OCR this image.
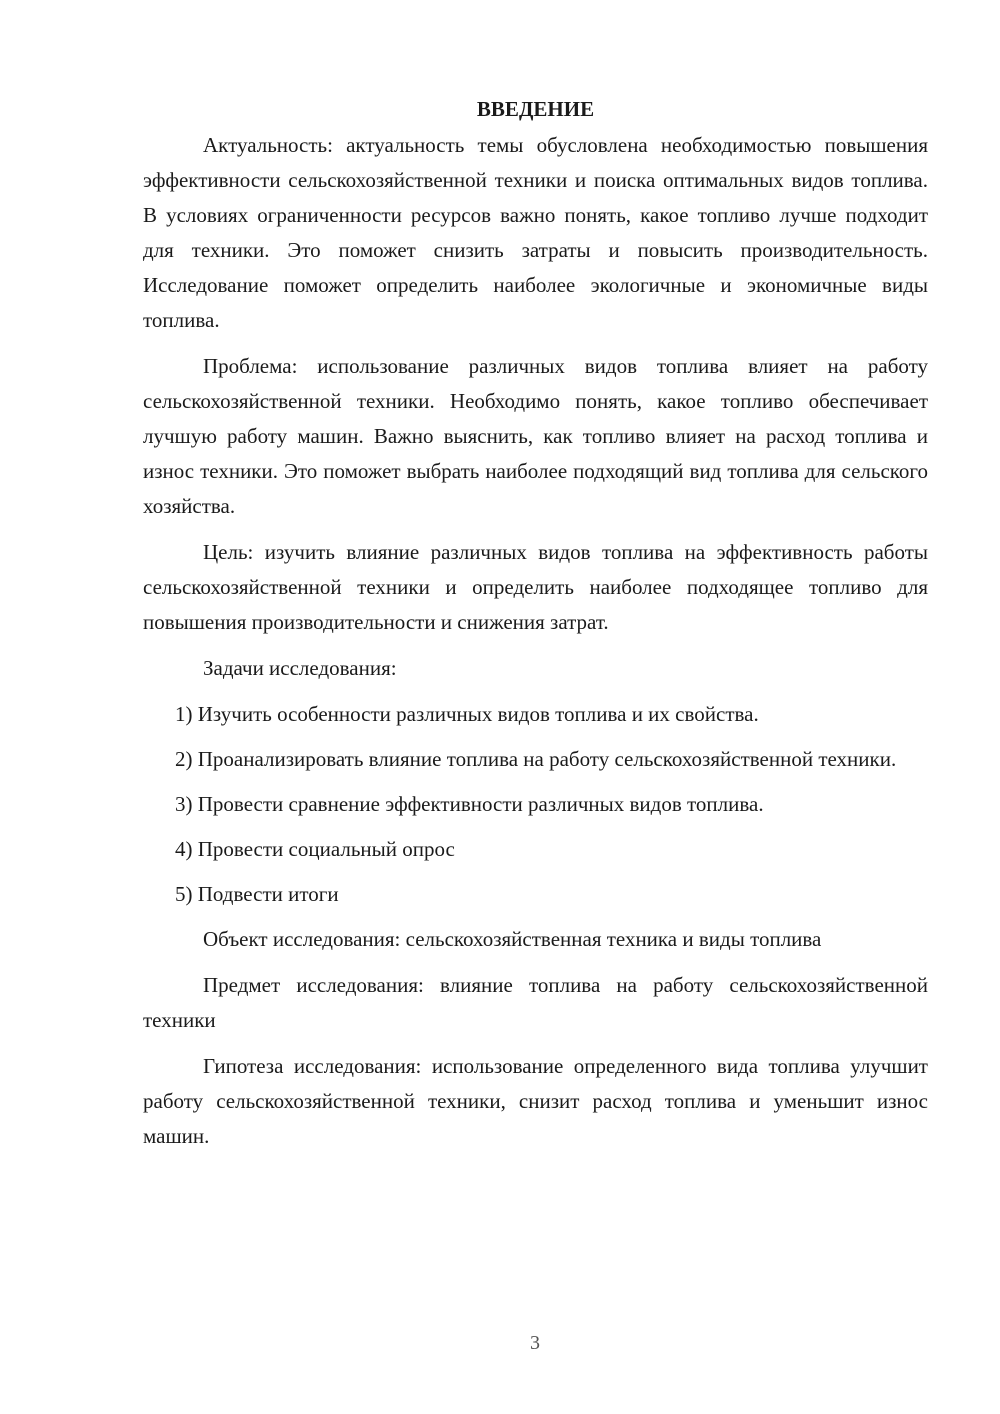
ВВЕДЕНИЕ

Актуальность: актуальность темы обусловлена необходимостью повышения эффективности сельскохозяйственной техники и поиска оптимальных видов топлива. В условиях ограниченности ресурсов важно понять, какое топливо лучше подходит для техники. Это поможет снизить затраты и повысить производительность. Исследование поможет определить наиболее экологичные и экономичные виды топлива.

Проблема: использование различных видов топлива влияет на работу сельскохозяйственной техники. Необходимо понять, какое топливо обеспечивает лучшую работу машин. Важно выяснить, как топливо влияет на расход топлива и износ техники. Это поможет выбрать наиболее подходящий вид топлива для сельского хозяйства.

Цель: изучить влияние различных видов топлива на эффективность работы сельскохозяйственной техники и определить наиболее подходящее топливо для повышения производительности и снижения затрат.

Задачи исследования:

1) Изучить особенности различных видов топлива и их свойства.

2) Проанализировать влияние топлива на работу сельскохозяйственной техники.

3) Провести сравнение эффективности различных видов топлива.

4) Провести социальный опрос

5) Подвести итоги

Объект исследования: сельскохозяйственная техника и виды топлива

Предмет исследования: влияние топлива на работу сельскохозяйственной техники

Гипотеза исследования: использование определенного вида топлива улучшит работу сельскохозяйственной техники, снизит расход топлива и уменьшит износ машин.

3
